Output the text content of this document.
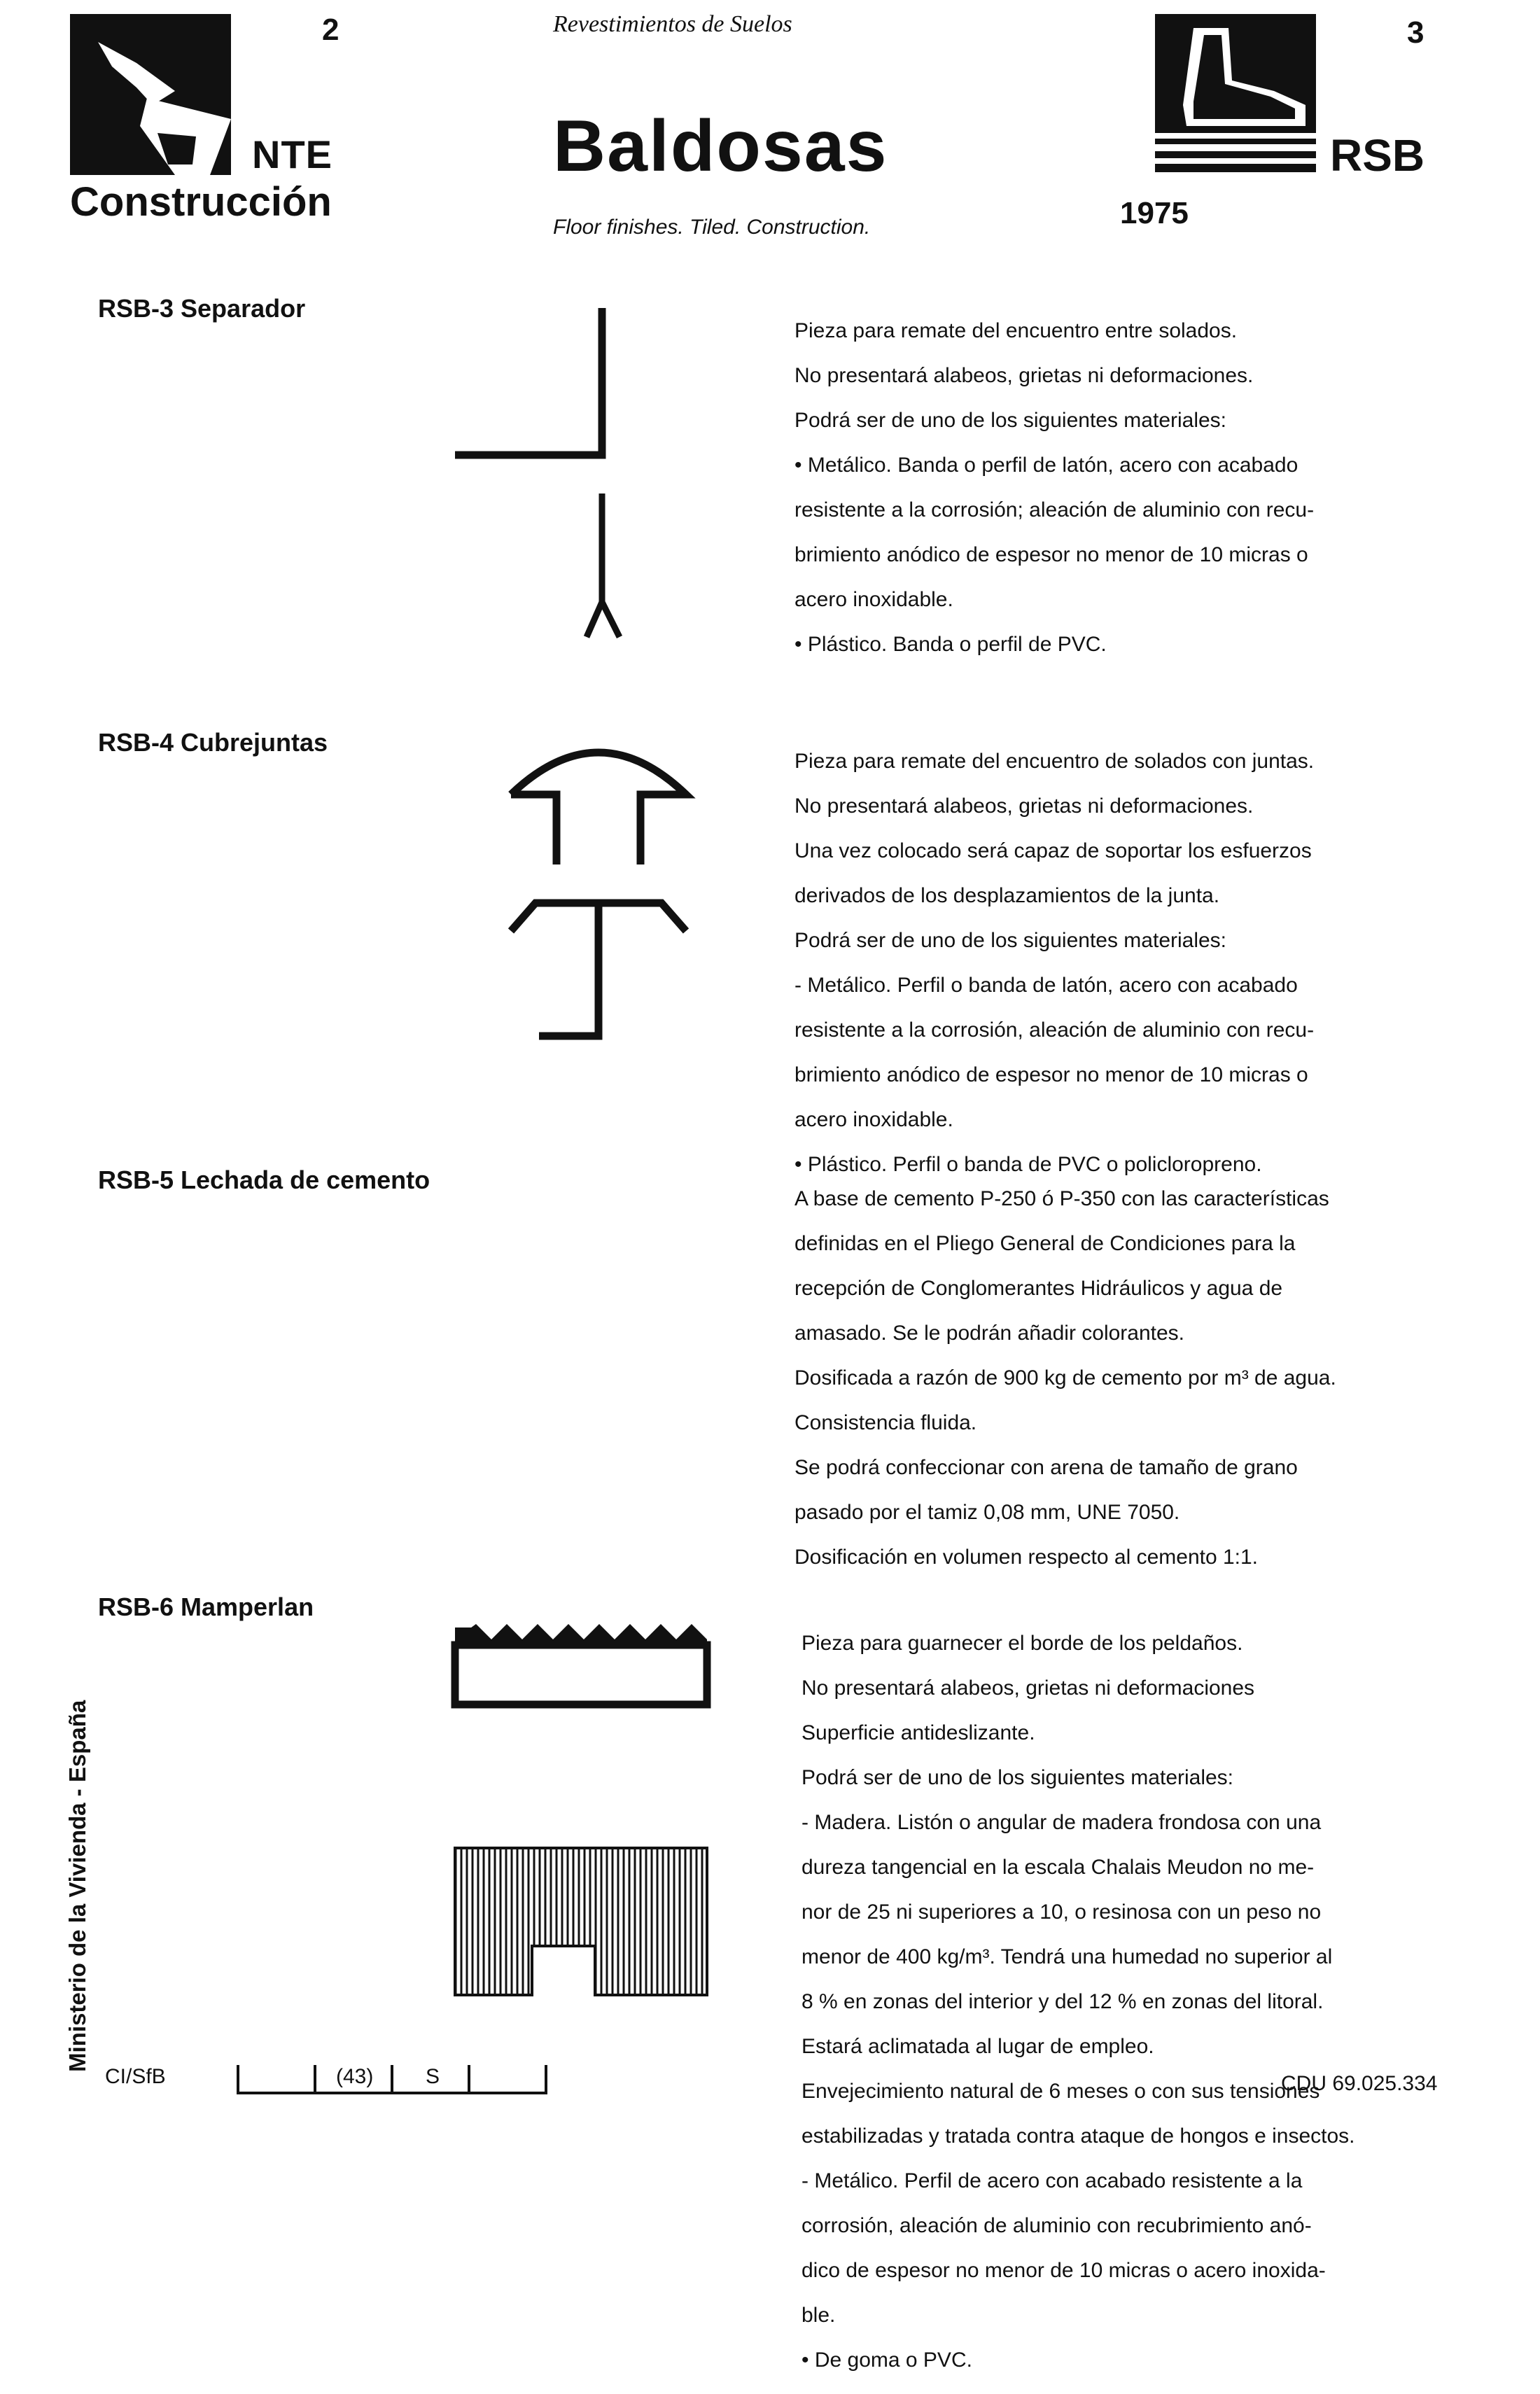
2
NTE
Construcción
Revestimientos de Suelos
Baldosas
Floor finishes. Tiled. Construction.
3
RSB
1975
RSB-3 Separador

Pieza para remate del encuentro entre solados.

No presentará alabeos, grietas ni deformaciones.

Podrá ser de uno de los siguientes materiales:

• Metálico. Banda o perfil de latón, acero con acabado

resistente a la corrosión; aleación de aluminio con recu-

brimiento anódico de espesor no menor de 10 micras o

acero inoxidable.

• Plástico. Banda o perfil de PVC.

RSB-4 Cubrejuntas

Pieza para remate del encuentro de solados con juntas.

No presentará alabeos, grietas ni deformaciones.

Una vez colocado será capaz de soportar los esfuerzos

derivados de los desplazamientos de la junta.

Podrá ser de uno de los siguientes materiales:

- Metálico. Perfil o banda de latón, acero con acabado

resistente a la corrosión, aleación de aluminio con recu-

brimiento anódico de espesor no menor de 10 micras o

acero inoxidable.

• Plástico. Perfil o banda de PVC o policloropreno.

RSB-5 Lechada de cemento

A base de cemento P-250 ó P-350 con las características

definidas en el Pliego General de Condiciones para la

recepción de Conglomerantes Hidráulicos y agua de

amasado. Se le podrán añadir colorantes.

Dosificada a razón de 900 kg de cemento por m³ de agua.

Consistencia fluida.

Se podrá confeccionar con arena de tamaño de grano

pasado por el tamiz 0,08 mm, UNE 7050.

Dosificación en volumen respecto al cemento 1:1.

RSB-6 Mamperlan

Pieza para guarnecer el borde de los peldaños.

No presentará alabeos, grietas ni deformaciones

Superficie antideslizante.

Podrá ser de uno de los siguientes materiales:

- Madera. Listón o angular de madera frondosa con una

dureza tangencial en la escala Chalais Meudon no me-

nor de 25 ni superiores a 10, o resinosa con un peso no

menor de 400 kg/m³. Tendrá una humedad no superior al

8 % en zonas del interior y del 12 % en zonas del litoral.

Estará aclimatada al lugar de empleo.

Envejecimiento natural de 6 meses o con sus tensiones

estabilizadas y tratada contra ataque de hongos e insectos.

- Metálico. Perfil de acero con acabado resistente a la

corrosión, aleación de aluminio con recubrimiento anó-

dico de espesor no menor de 10 micras o acero inoxida-

ble.

• De goma o PVC.

Ministerio de la Vivienda - España
CI/SfB	(43) S	CDU 69.025.334
